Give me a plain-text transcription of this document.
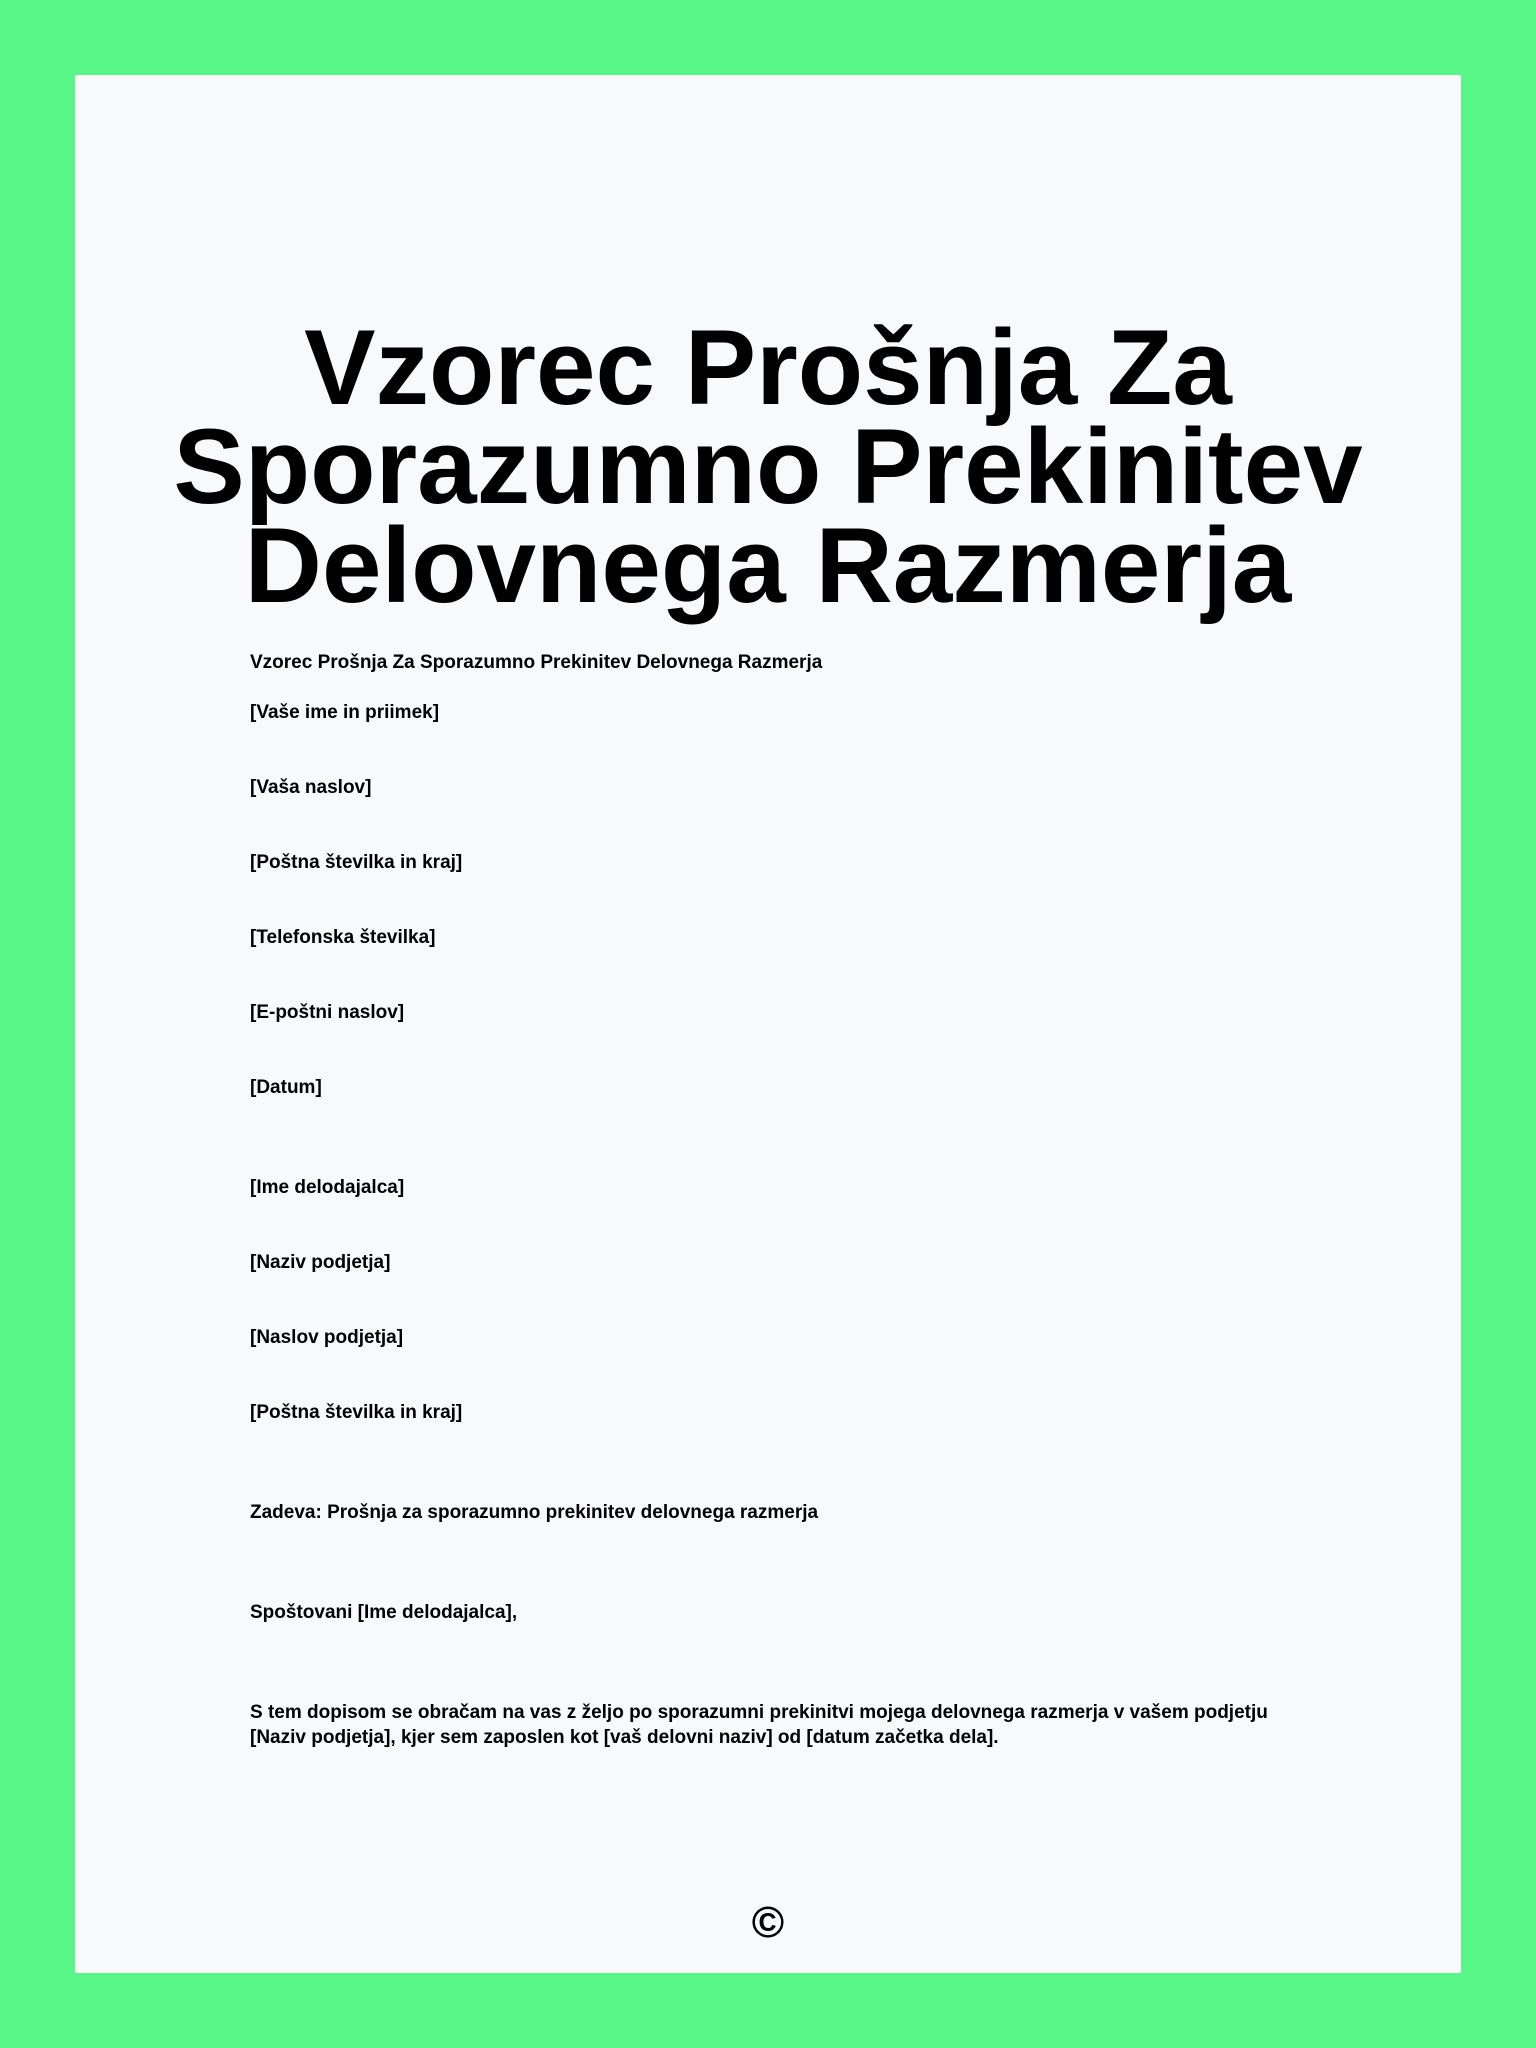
Vzorec Prošnja Za Sporazumno Prekinitev Delovnega Razmerja

Vzorec Prošnja Za Sporazumno Prekinitev Delovnega Razmerja

[Vaše ime in priimek]

[Vaša naslov]

[Poštna številka in kraj]

[Telefonska številka]

[E-poštni naslov]

[Datum]

[Ime delodajalca]

[Naziv podjetja]

[Naslov podjetja]

[Poštna številka in kraj]

Zadeva: Prošnja za sporazumno prekinitev delovnega razmerja

Spoštovani [Ime delodajalca],

S tem dopisom se obračam na vas z željo po sporazumni prekinitvi mojega delovnega razmerja v vašem podjetju [Naziv podjetja], kjer sem zaposlen kot [vaš delovni naziv] od [datum začetka dela].

©
